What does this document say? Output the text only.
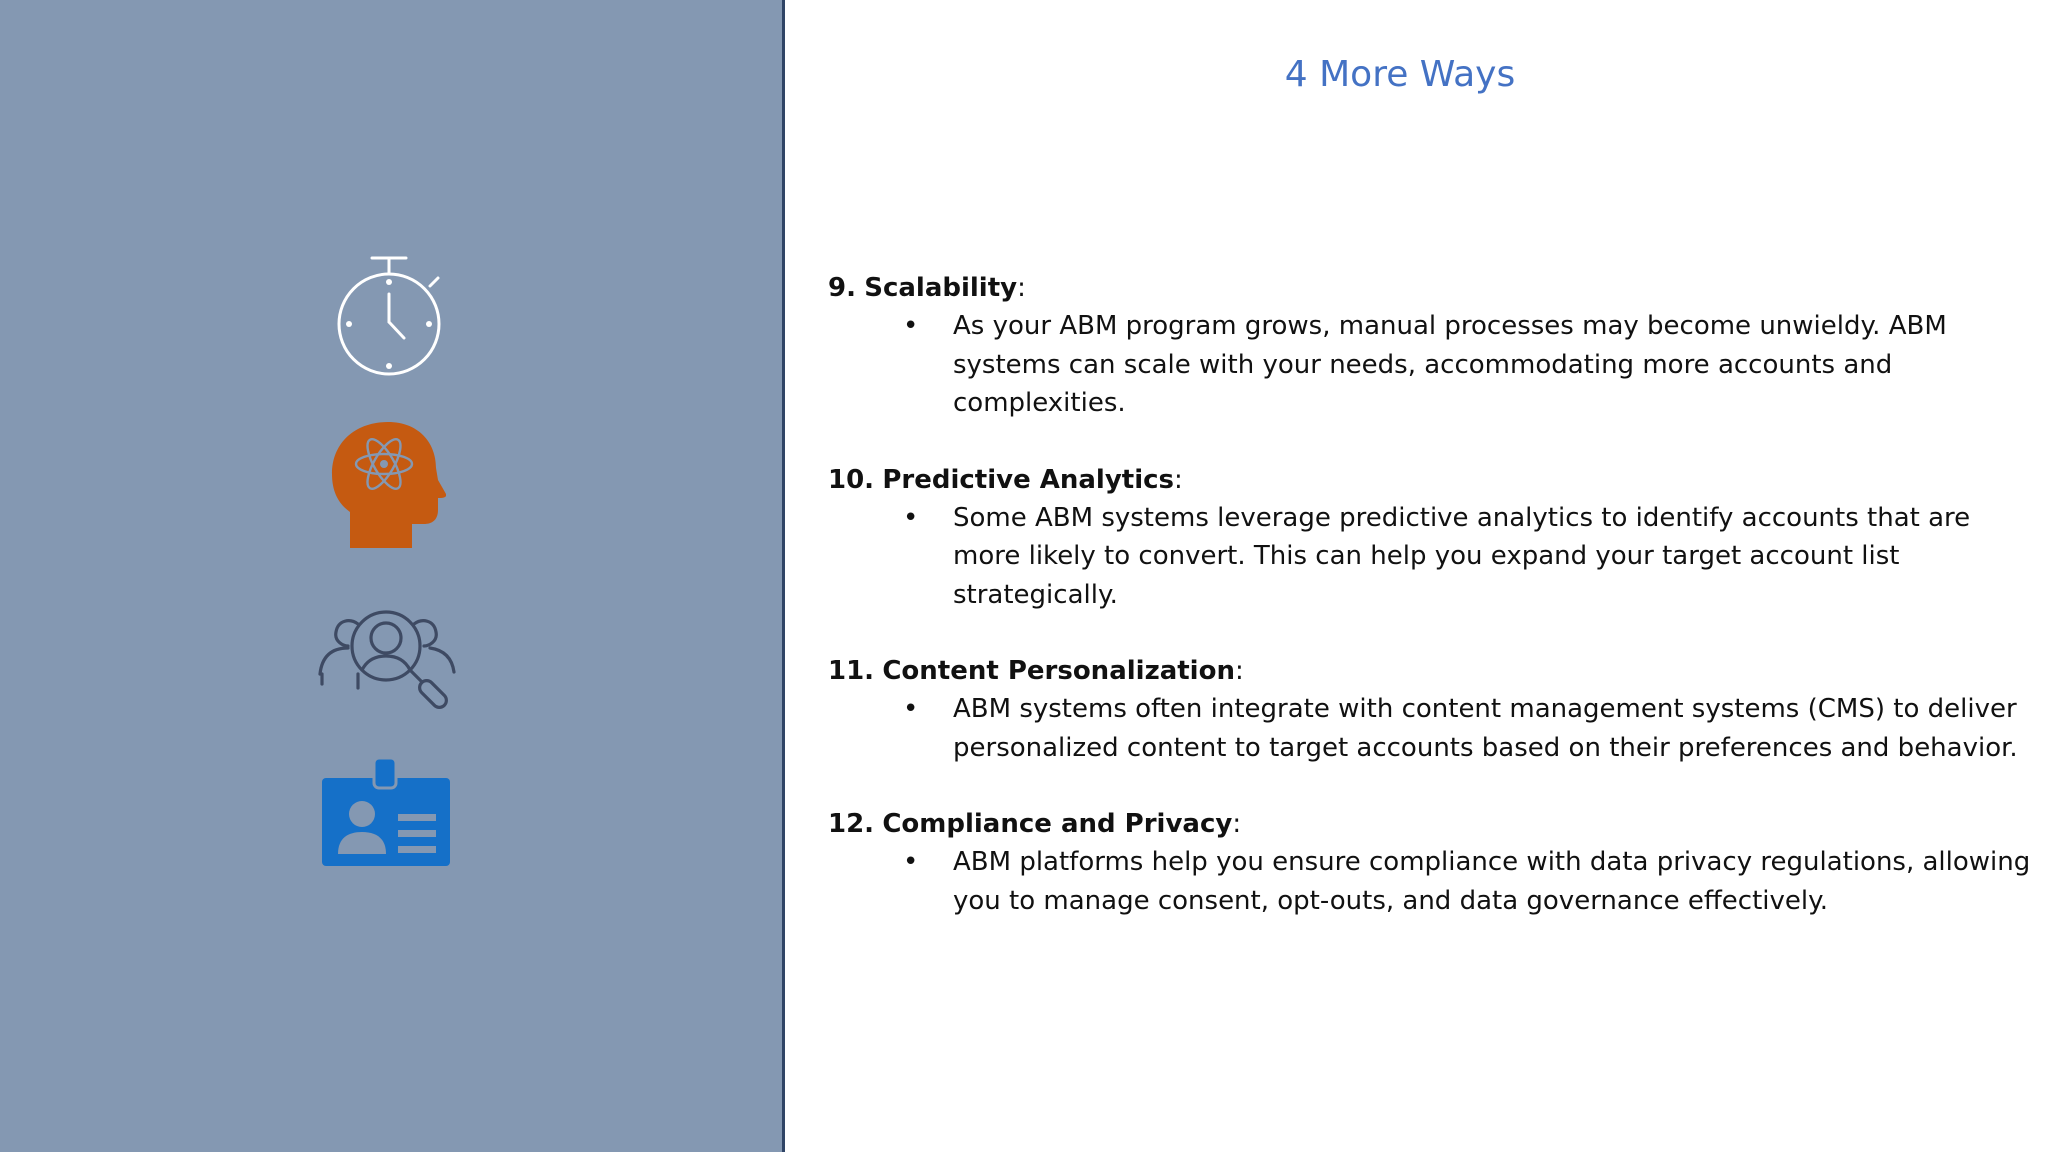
4 More Ways

9. Scalability:

• As your ABM program grows, manual processes may become unwieldy. ABM systems can scale with your needs, accommodating more accounts and complexities.

10. Predictive Analytics:

• Some ABM systems leverage predictive analytics to identify accounts that are more likely to convert. This can help you expand your target account list strategically.

11. Content Personalization:

• ABM systems often integrate with content management systems (CMS) to deliver personalized content to target accounts based on their preferences and behavior.

12. Compliance and Privacy:

• ABM platforms help you ensure compliance with data privacy regulations, allowing you to manage consent, opt-outs, and data governance effectively.
